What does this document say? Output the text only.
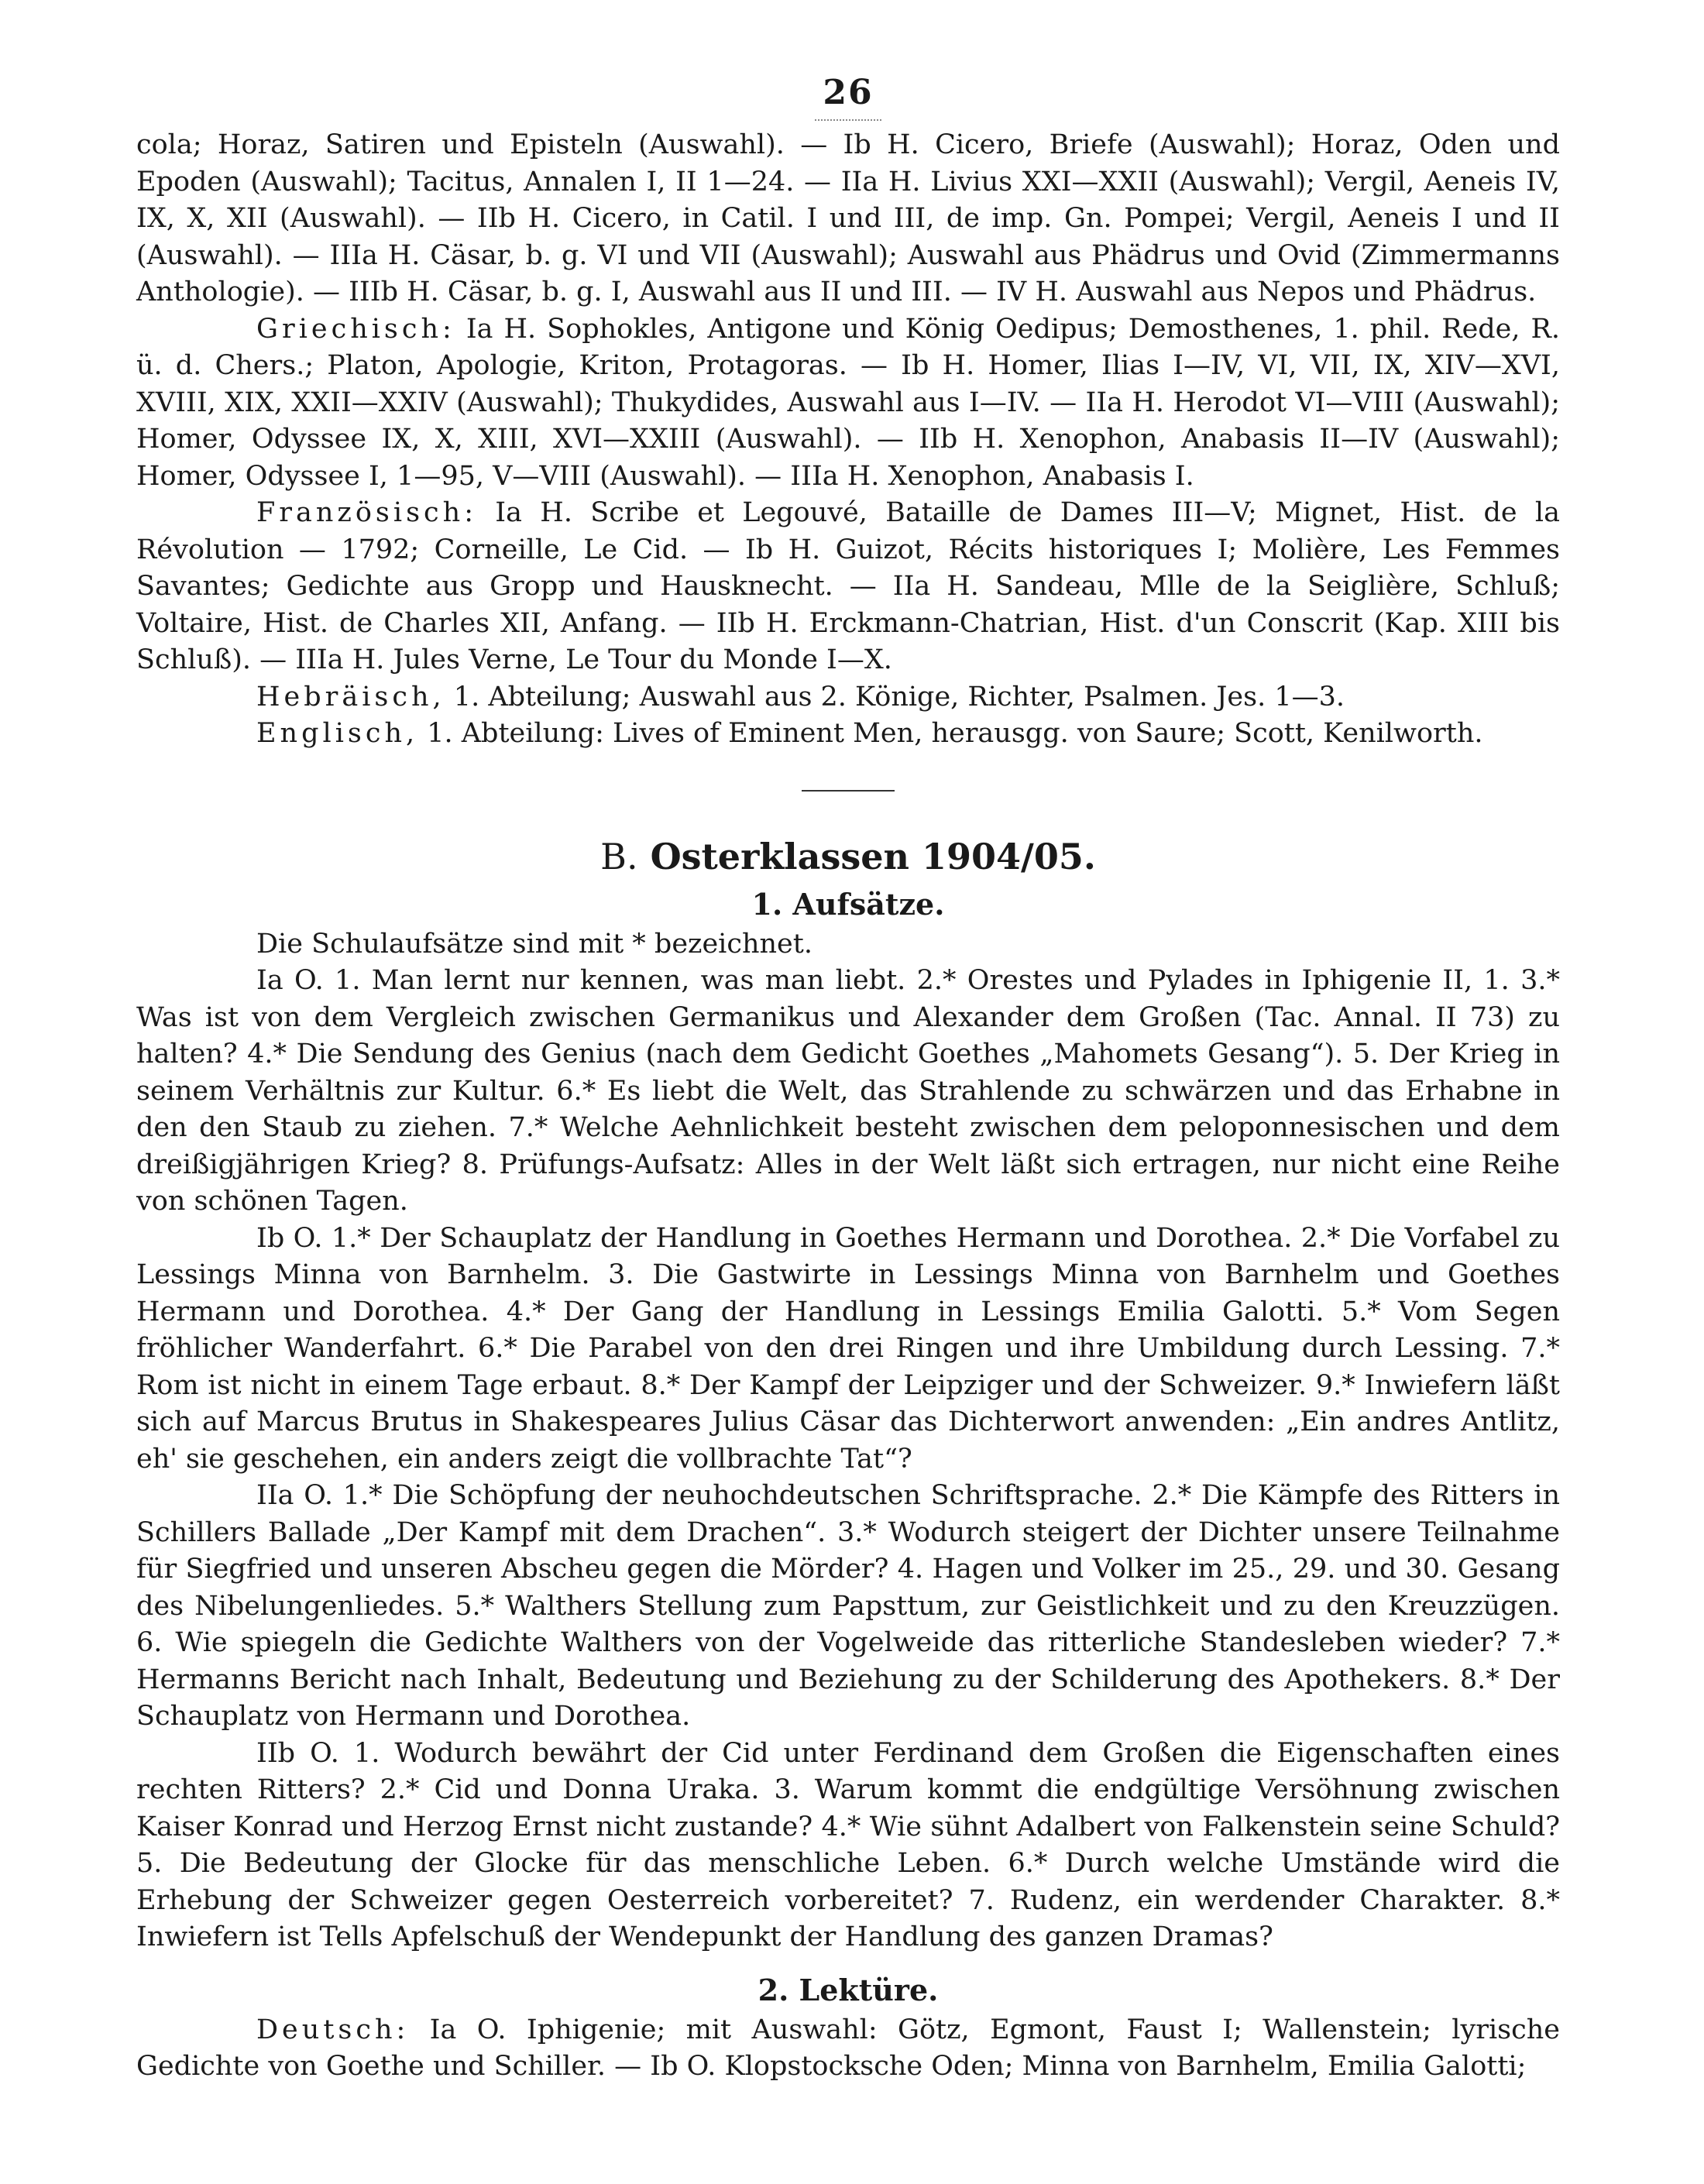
26

cola; Horaz, Satiren und Episteln (Auswahl). — Ib H. Cicero, Briefe (Auswahl); Horaz, Oden und Epoden (Auswahl); Tacitus, Annalen I, II 1—24. — IIa H. Livius XXI—XXII (Auswahl); Vergil, Aeneis IV, IX, X, XII (Auswahl). — IIb H. Cicero, in Catil. I und III, de imp. Gn. Pompei; Vergil, Aeneis I und II (Auswahl). — IIIa H. Cäsar, b. g. VI und VII (Auswahl); Auswahl aus Phädrus und Ovid (Zimmermanns Anthologie). — IIIb H. Cäsar, b. g. I, Auswahl aus II und III. — IV H. Auswahl aus Nepos und Phädrus.

Griechisch: Ia H. Sophokles, Antigone und König Oedipus; Demosthenes, 1. phil. Rede, R. ü. d. Chers.; Platon, Apologie, Kriton, Protagoras. — Ib H. Homer, Ilias I—IV, VI, VII, IX, XIV—XVI, XVIII, XIX, XXII—XXIV (Auswahl); Thukydides, Auswahl aus I—IV. — IIa H. Herodot VI—VIII (Auswahl); Homer, Odyssee IX, X, XIII, XVI—XXIII (Auswahl). — IIb H. Xenophon, Anabasis II—IV (Auswahl); Homer, Odyssee I, 1—95, V—VIII (Auswahl). — IIIa H. Xenophon, Anabasis I.

Französisch: Ia H. Scribe et Legouvé, Bataille de Dames III—V; Mignet, Hist. de la Révolution — 1792; Corneille, Le Cid. — Ib H. Guizot, Récits historiques I; Molière, Les Femmes Savantes; Gedichte aus Gropp und Hausknecht. — IIa H. Sandeau, Mlle de la Seiglière, Schluß; Voltaire, Hist. de Charles XII, Anfang. — IIb H. Erckmann-Chatrian, Hist. d'un Conscrit (Kap. XIII bis Schluß). — IIIa H. Jules Verne, Le Tour du Monde I—X.

Hebräisch, 1. Abteilung; Auswahl aus 2. Könige, Richter, Psalmen. Jes. 1—3.

Englisch, 1. Abteilung: Lives of Eminent Men, herausgg. von Saure; Scott, Kenilworth.

B. Osterklassen 1904/05.
1. Aufsätze.

Die Schulaufsätze sind mit * bezeichnet.

Ia O. 1. Man lernt nur kennen, was man liebt. 2.* Orestes und Pylades in Iphigenie II, 1. 3.* Was ist von dem Vergleich zwischen Germanikus und Alexander dem Großen (Tac. Annal. II 73) zu halten? 4.* Die Sendung des Genius (nach dem Gedicht Goethes „Mahomets Gesang“). 5. Der Krieg in seinem Verhältnis zur Kultur. 6.* Es liebt die Welt, das Strahlende zu schwärzen und das Erhabne in den den Staub zu ziehen. 7.* Welche Aehnlichkeit besteht zwischen dem peloponnesischen und dem dreißigjährigen Krieg? 8. Prüfungs-Aufsatz: Alles in der Welt läßt sich ertragen, nur nicht eine Reihe von schönen Tagen.

Ib O. 1.* Der Schauplatz der Handlung in Goethes Hermann und Dorothea. 2.* Die Vorfabel zu Lessings Minna von Barnhelm. 3. Die Gastwirte in Lessings Minna von Barnhelm und Goethes Hermann und Dorothea. 4.* Der Gang der Handlung in Lessings Emilia Galotti. 5.* Vom Segen fröhlicher Wanderfahrt. 6.* Die Parabel von den drei Ringen und ihre Umbildung durch Lessing. 7.* Rom ist nicht in einem Tage erbaut. 8.* Der Kampf der Leipziger und der Schweizer. 9.* Inwiefern läßt sich auf Marcus Brutus in Shakespeares Julius Cäsar das Dichterwort anwenden: „Ein andres Antlitz, eh' sie geschehen, ein anders zeigt die vollbrachte Tat“?

IIa O. 1.* Die Schöpfung der neuhochdeutschen Schriftsprache. 2.* Die Kämpfe des Ritters in Schillers Ballade „Der Kampf mit dem Drachen“. 3.* Wodurch steigert der Dichter unsere Teilnahme für Siegfried und unseren Abscheu gegen die Mörder? 4. Hagen und Volker im 25., 29. und 30. Gesang des Nibelungenliedes. 5.* Walthers Stellung zum Papsttum, zur Geistlichkeit und zu den Kreuzzügen. 6. Wie spiegeln die Gedichte Walthers von der Vogelweide das ritterliche Standesleben wieder? 7.* Hermanns Bericht nach Inhalt, Bedeutung und Beziehung zu der Schilderung des Apothekers. 8.* Der Schauplatz von Hermann und Dorothea.

IIb O. 1. Wodurch bewährt der Cid unter Ferdinand dem Großen die Eigenschaften eines rechten Ritters? 2.* Cid und Donna Uraka. 3. Warum kommt die endgültige Versöhnung zwischen Kaiser Konrad und Herzog Ernst nicht zustande? 4.* Wie sühnt Adalbert von Falkenstein seine Schuld? 5. Die Bedeutung der Glocke für das menschliche Leben. 6.* Durch welche Umstände wird die Erhebung der Schweizer gegen Oesterreich vorbereitet? 7. Rudenz, ein werdender Charakter. 8.* Inwiefern ist Tells Apfelschuß der Wendepunkt der Handlung des ganzen Dramas?

2. Lektüre.

Deutsch: Ia O. Iphigenie; mit Auswahl: Götz, Egmont, Faust I; Wallenstein; lyrische Gedichte von Goethe und Schiller. — Ib O. Klopstocksche Oden; Minna von Barnhelm, Emilia Galotti;
